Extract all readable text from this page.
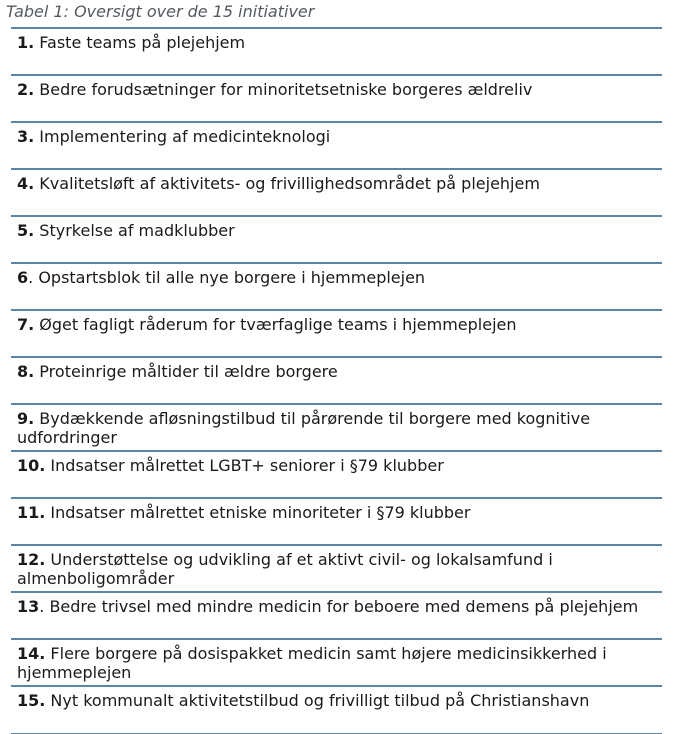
Tabel 1: Oversigt over de 15 initiativer
1. Faste teams på plejehjem
2. Bedre forudsætninger for minoritetsetniske borgeres ældreliv
3. Implementering af medicinteknologi
4. Kvalitetsløft af aktivitets- og frivillighedsområdet på plejehjem
5. Styrkelse af madklubber
6. Opstartsblok til alle nye borgere i hjemmeplejen
7. Øget fagligt råderum for tværfaglige teams i hjemmeplejen
8. Proteinrige måltider til ældre borgere
9. Bydækkende afløsningstilbud til pårørende til borgere med kognitive udfordringer
10. Indsatser målrettet LGBT+ seniorer i §79 klubber
11. Indsatser målrettet etniske minoriteter i §79 klubber
12. Understøttelse og udvikling af et aktivt civil- og lokalsamfund i almenboligområder
13. Bedre trivsel med mindre medicin for beboere med demens på plejehjem
14. Flere borgere på dosispakket medicin samt højere medicinsikkerhed i hjemmeplejen
15. Nyt kommunalt aktivitetstilbud og frivilligt tilbud på Christianshavn
